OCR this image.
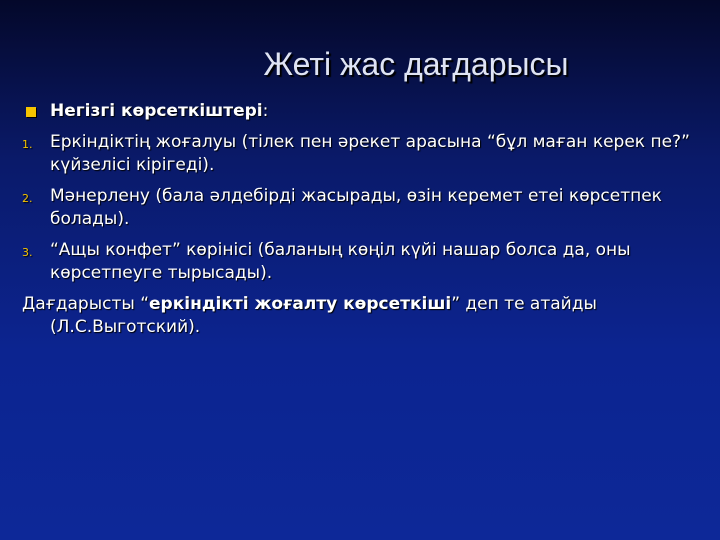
Жеті жас дағдарысы
Негізгі көрсеткіштері:
1.	Еркіндіктің жоғалуы (тілек пен әрекет арасына “бұл маған керек пе?” күйзелісі кірігеді).
2.	Мәнерлену (бала әлдебірді жасырады, өзін керемет етеі көрсетпек болады).
3.	“Ащы конфет” көрінісі (баланың көңіл күйі нашар болса да, оны көрсетпеуге тырысады).
Дағдарысты “еркіндікті жоғалту көрсеткіші” деп те атайды (Л.С.Выготский).
